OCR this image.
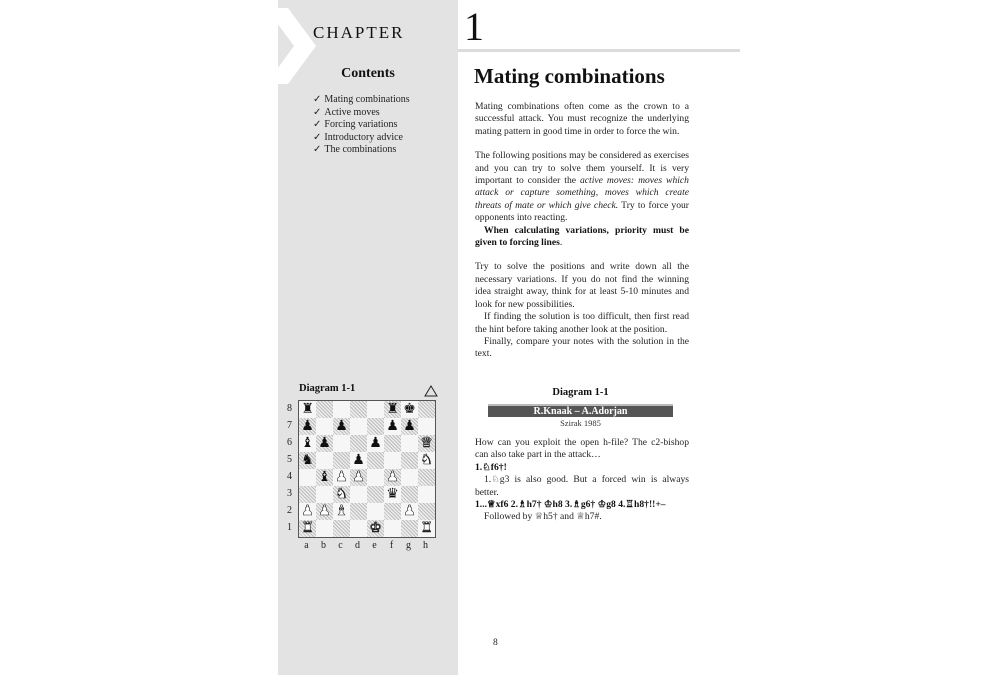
CHAPTER 1
Contents
✓ Mating combinations
✓ Active moves
✓ Forcing variations
✓ Introductory advice
✓ The combinations
Diagram 1-1
8
7
6
5
4
3
2
1
♜	♜ ♚
♟ ♟	♟ ♟
♝ ♟	♟	♛
♞	♟	♞
♝ ♟ ♟ ♟
♞	♛
♟ ♟ ♝	♟
♜	♚	♜
a	b	c	d	e	f	g	h
Mating combinations

Mating combinations often come as the crown to a successful attack. You must recognize the underlying mating pattern in good time in order to force the win.

The following positions may be considered as exercises and you can try to solve them yourself. It is very important to consider the active moves: moves which attack or capture something, moves which create threats of mate or which give check. Try to force your opponents into reacting.

When calculating variations, priority must be given to forcing lines.

Try to solve the positions and write down all the necessary variations. If you do not find the winning idea straight away, think for at least 5-10 minutes and look for new possibilities.

If finding the solution is too difficult, then first read the hint before taking another look at the position.

Finally, compare your notes with the solution in the text.

Diagram 1-1
R.Knaak – A.Adorjan
Szirak 1985

How can you exploit the open h-file? The c2-bishop can also take part in the attack…

1.♘f6†!

1.♘g3 is also good. But a forced win is always better.

1...♕xf6 2.♗h7† ♔h8 3.♗g6† ♔g8 4.♖h8†!!+–

Followed by ♕h5† and ♕h7#.

8
